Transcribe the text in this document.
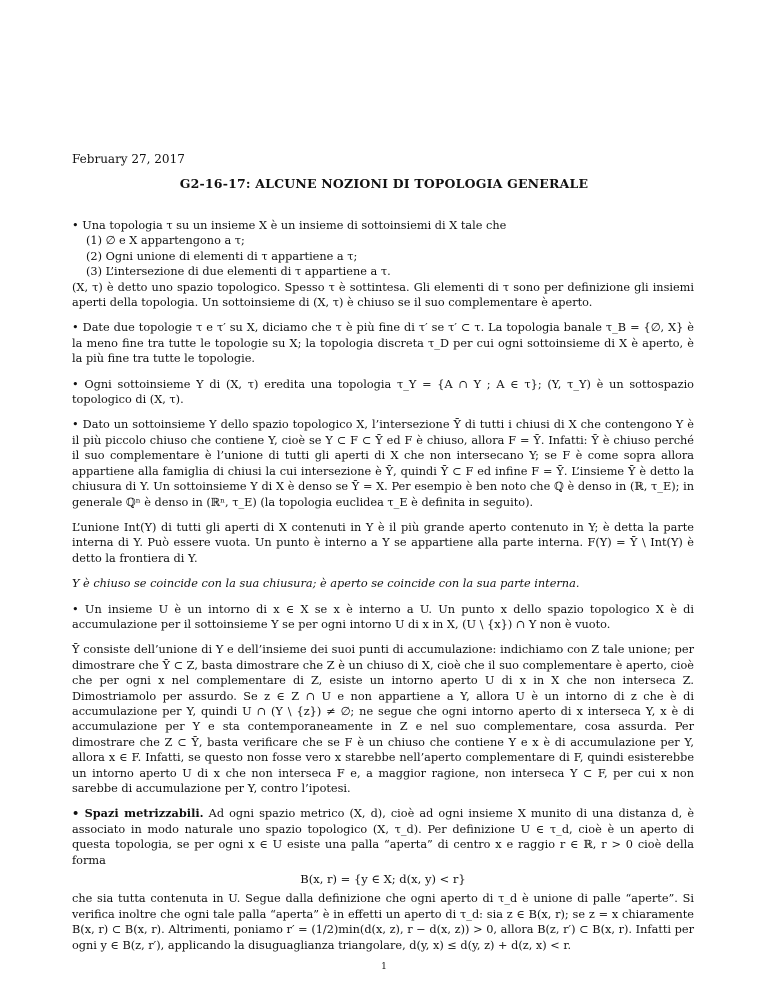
February 27, 2017
G2-16-17: ALCUNE NOZIONI DI TOPOLOGIA GENERALE

• Una topologia τ su un insieme X è un insieme di sottoinsiemi di X tale che

(1) ∅ e X appartengono a τ;
(2) Ogni unione di elementi di τ appartiene a τ;
(3) L’intersezione di due elementi di τ appartiene a τ.

(X, τ) è detto uno spazio topologico. Spesso τ è sottintesa. Gli elementi di τ sono per definizione gli insiemi aperti della topologia. Un sottoinsieme di (X, τ) è chiuso se il suo complementare è aperto.

• Date due topologie τ e τ′ su X, diciamo che τ è più fine di τ′ se τ′ ⊂ τ. La topologia banale τ_B = {∅, X} è la meno fine tra tutte le topologie su X; la topologia discreta τ_D per cui ogni sottoinsieme di X è aperto, è la più fine tra tutte le topologie.

• Ogni sottoinsieme Y di (X, τ) eredita una topologia τ_Y = {A ∩ Y ; A ∈ τ}; (Y, τ_Y) è un sottospazio topologico di (X, τ).

• Dato un sottoinsieme Y dello spazio topologico X, l’intersezione Ȳ di tutti i chiusi di X che contengono Y è il più piccolo chiuso che contiene Y, cioè se Y ⊂ F ⊂ Ȳ ed F è chiuso, allora F = Ȳ. Infatti: Ȳ è chiuso perché il suo complementare è l’unione di tutti gli aperti di X che non intersecano Y; se F è come sopra allora appartiene alla famiglia di chiusi la cui intersezione è Ȳ, quindi Ȳ ⊂ F ed infine F = Ȳ. L’insieme Ȳ è detto la chiusura di Y. Un sottoinsieme Y di X è denso se Ȳ = X. Per esempio è ben noto che ℚ è denso in (ℝ, τ_E); in generale ℚⁿ è denso in (ℝⁿ, τ_E) (la topologia euclidea τ_E è definita in seguito).

L’unione Int(Y) di tutti gli aperti di X contenuti in Y è il più grande aperto contenuto in Y; è detta la parte interna di Y. Può essere vuota. Un punto è interno a Y se appartiene alla parte interna. F(Y) = Ȳ \ Int(Y) è detto la frontiera di Y.

Y è chiuso se coincide con la sua chiusura; è aperto se coincide con la sua parte interna.

• Un insieme U è un intorno di x ∈ X se x è interno a U. Un punto x dello spazio topologico X è di accumulazione per il sottoinsieme Y se per ogni intorno U di x in X, (U \ {x}) ∩ Y non è vuoto.

Ȳ consiste dell’unione di Y e dell’insieme dei suoi punti di accumulazione: indichiamo con Z tale unione; per dimostrare che Ȳ ⊂ Z, basta dimostrare che Z è un chiuso di X, cioè che il suo complementare è aperto, cioè che per ogni x nel complementare di Z, esiste un intorno aperto U di x in X che non interseca Z. Dimostriamolo per assurdo. Se z ∈ Z ∩ U e non appartiene a Y, allora U è un intorno di z che è di accumulazione per Y, quindi U ∩ (Y \ {z}) ≠ ∅; ne segue che ogni intorno aperto di x interseca Y, x è di accumulazione per Y e sta contemporaneamente in Z e nel suo complementare, cosa assurda. Per dimostrare che Z ⊂ Ȳ, basta verificare che se F è un chiuso che contiene Y e x è di accumulazione per Y, allora x ∈ F. Infatti, se questo non fosse vero x starebbe nell’aperto complementare di F, quindi esisterebbe un intorno aperto U di x che non interseca F e, a maggior ragione, non interseca Y ⊂ F, per cui x non sarebbe di accumulazione per Y, contro l’ipotesi.

• Spazi metrizzabili. Ad ogni spazio metrico (X, d), cioè ad ogni insieme X munito di una distanza d, è associato in modo naturale uno spazio topologico (X, τ_d). Per definizione U ∈ τ_d, cioè è un aperto di questa topologia, se per ogni x ∈ U esiste una palla “aperta” di centro x e raggio r ∈ ℝ, r > 0 cioè della forma

B(x, r) = {y ∈ X; d(x, y) < r}

che sia tutta contenuta in U. Segue dalla definizione che ogni aperto di τ_d è unione di palle “aperte”. Si verifica inoltre che ogni tale palla “aperta” è in effetti un aperto di τ_d: sia z ∈ B(x, r); se z = x chiaramente B(x, r) ⊂ B(x, r). Altrimenti, poniamo r′ = (1/2)min(d(x, z), r − d(x, z)) > 0, allora B(z, r′) ⊂ B(x, r). Infatti per ogni y ∈ B(z, r′), applicando la disuguaglianza triangolare, d(y, x) ≤ d(y, z) + d(z, x) < r.

1
